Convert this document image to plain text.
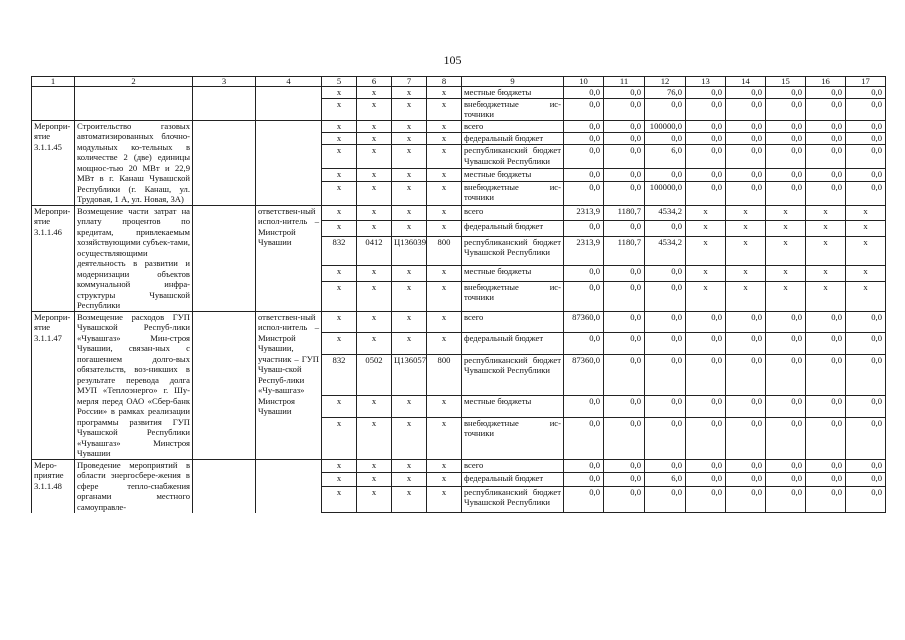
105
1	2	3	4	5	6	7	8	9	10	11	12	13	14	15	16	17
				x	x	x	x	местные бюджеты	0,0	0,0	76,0	0,0	0,0	0,0	0,0	0,0
				x	x	x	x	внебюджетные ис-точники	0,0	0,0	0,0	0,0	0,0	0,0	0,0	0,0
Меропри-ятие 3.1.1.45	Строительство газовых автоматизированных блочно-модульных ко-тельных в количестве 2 (две) единицы мощнос-тью 20 МВт и 22,9 МВт в г. Канаш Чувашской Республики (г. Канаш, ул. Трудовая, 1 А, ул. Новая, 3А)			x	x	x	x	всего	0,0	0,0	100000,0	0,0	0,0	0,0	0,0	0,0
				x	x	x	x	федеральный бюджет	0,0	0,0	0,0	0,0	0,0	0,0	0,0	0,0
				x	x	x	x	республиканский бюджет Чувашской Республики	0,0	0,0	6,0	0,0	0,0	0,0	0,0	0,0
				x	x	x	x	местные бюджеты	0,0	0,0	0,0	0,0	0,0	0,0	0,0	0,0
				x	x	x	x	внебюджетные ис-точники	0,0	0,0	100000,0	0,0	0,0	0,0	0,0	0,0
Меропри-ятие 3.1.1.46	Возмещение части затрат на уплату процентов по кредитам, привлекаемым хозяйствующими субъек-тами, осуществляющими деятельность в развитии и модернизации объектов коммунальной инфра-структуры Чувашской Республики		ответствен-ный испол-нитель – Минстрой Чувашии	x	x	x	x	всего	2313,9	1180,7	4534,2	x	x	x	x	x
				x	x	x	x	федеральный бюджет	0,0	0,0	0,0	x	x	x	x	x
				832	0412	Ц136039	800	республиканский бюджет Чувашской Республики	2313,9	1180,7	4534,2	x	x	x	x	x
				x	x	x	x	местные бюджеты	0,0	0,0	0,0	x	x	x	x	x
				x	x	x	x	внебюджетные ис-точники	0,0	0,0	0,0	x	x	x	x	x
Меропри-ятие 3.1.1.47	Возмещение расходов ГУП Чувашской Респуб-лики «Чувашгаз» Мин-строя Чувашии, связан-ных с погашением долго-вых обязательств, воз-никших в результате перевода долга МУП «Теплоэнерго» г. Шу-мерля перед ОАО «Сбер-банк России» в рамках реализации программы развития ГУП Чувашской Республики «Чувашгаз» Минстроя Чувашии		ответствен-ный испол-нитель – Минстрой Чувашии, участник – ГУП Чуваш-ской Респуб-лики «Чу-вашгаз» Минстроя Чувашии	x	x	x	x	всего	87360,0	0,0	0,0	0,0	0,0	0,0	0,0	0,0
				x	x	x	x	федеральный бюджет	0,0	0,0	0,0	0,0	0,0	0,0	0,0	0,0
				832	0502	Ц136057	800	республиканский бюджет Чувашской Республики	87360,0	0,0	0,0	0,0	0,0	0,0	0,0	0,0
				x	x	x	x	местные бюджеты	0,0	0,0	0,0	0,0	0,0	0,0	0,0	0,0
				x	x	x	x	внебюджетные ис-точники	0,0	0,0	0,0	0,0	0,0	0,0	0,0	0,0
Меро-приятие 3.1.1.48	Проведение мероприятий в области энергосбере-жения в сфере тепло-снабжения органами местного самоуправле-			x	x	x	x	всего	0,0	0,0	0,0	0,0	0,0	0,0	0,0	0,0
				x	x	x	x	федеральный бюджет	0,0	0,0	6,0	0,0	0,0	0,0	0,0	0,0
				x	x	x	x	республиканский бюджет Чувашской Республики	0,0	0,0	0,0	0,0	0,0	0,0	0,0	0,0
